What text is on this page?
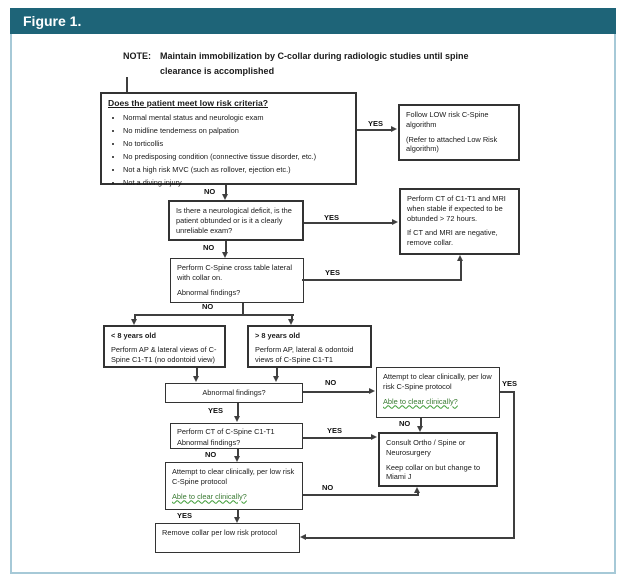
Figure 1.
NOTE: Maintain immobilization by C-collar during radiologic studies until spine
clearance is accomplished
Does the patient meet low risk criteria?
• Normal mental status and neurologic exam
• No midline tenderness on palpation
• No torticollis
• No predisposing condition (connective tissue disorder, etc.)
• Not a high risk MVC (such as rollover, ejection etc.)
• Not a diving injury

Follow LOW risk C-Spine algorithm

(Refer to attached Low Risk algorithm)

Is there a neurological deficit, is the patient obtunded or is it a clearly unreliable exam?

Perform CT of C1-T1 and MRI when stable if expected to be obtunded > 72 hours.

If CT and MRI are negative, remove collar.

Perform C-Spine cross table lateral with collar on.

Abnormal findings?

< 8 years old

Perform AP & lateral views of C-Spine C1-T1 (no odontoid view)

> 8 years old

Perform AP, lateral & odontoid views of C-Spine C1-T1

Abnormal findings?

Attempt to clear clinically, per low risk C-Spine protocol

Able to clear clinically?

Consult Ortho / Spine or Neurosurgery

Keep collar on but change to Miami J

Perform CT of C-Spine C1-T1

Abnormal findings?

Attempt to clear clinically, per low risk C-Spine protocol

Able to clear clinically?

Remove collar per low risk protocol

YES
NO
YES
NO
YES
NO
NO
YES
YES
NO
YES
NO
NO
YES
